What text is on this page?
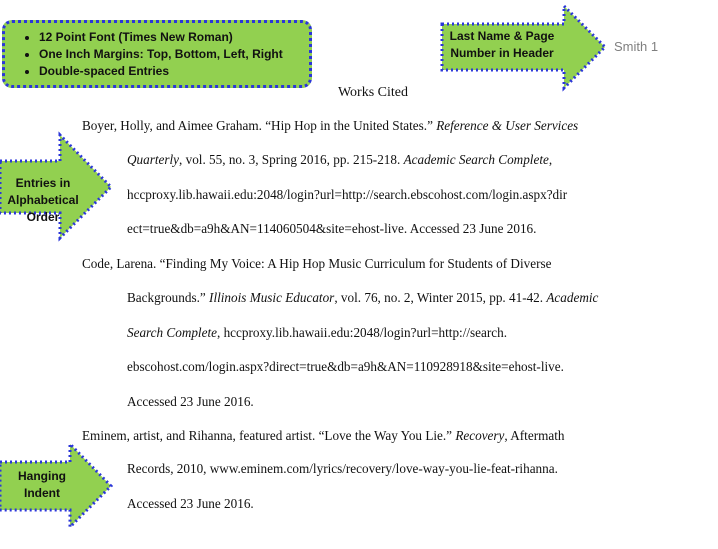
• 12 Point Font (Times New Roman)
• One Inch Margins: Top, Bottom, Left, Right
• Double-spaced Entries
Last Name & Page
Number in Header	Smith 1
Works Cited
Entries in
Alphabetical
Order
Hanging
Indent
Boyer, Holly, and Aimee Graham. “Hip Hop in the United States.” Reference & User Services
Quarterly, vol. 55, no. 3, Spring 2016, pp. 215-218. Academic Search Complete,
hccproxy.lib.hawaii.edu:2048/login?url=http://search.ebscohost.com/login.aspx?dir
ect=true&db=a9h&AN=114060504&site=ehost-live. Accessed 23 June 2016.
Code, Larena. “Finding My Voice: A Hip Hop Music Curriculum for Students of Diverse
Backgrounds.” Illinois Music Educator, vol. 76, no. 2, Winter 2015, pp. 41-42. Academic
Search Complete, hccproxy.lib.hawaii.edu:2048/login?url=http://search.
ebscohost.com/login.aspx?direct=true&db=a9h&AN=110928918&site=ehost-live.
Accessed 23 June 2016.
Eminem, artist, and Rihanna, featured artist. “Love the Way You Lie.” Recovery, Aftermath
Records, 2010, www.eminem.com/lyrics/recovery/love-way-you-lie-feat-rihanna.
Accessed 23 June 2016.
